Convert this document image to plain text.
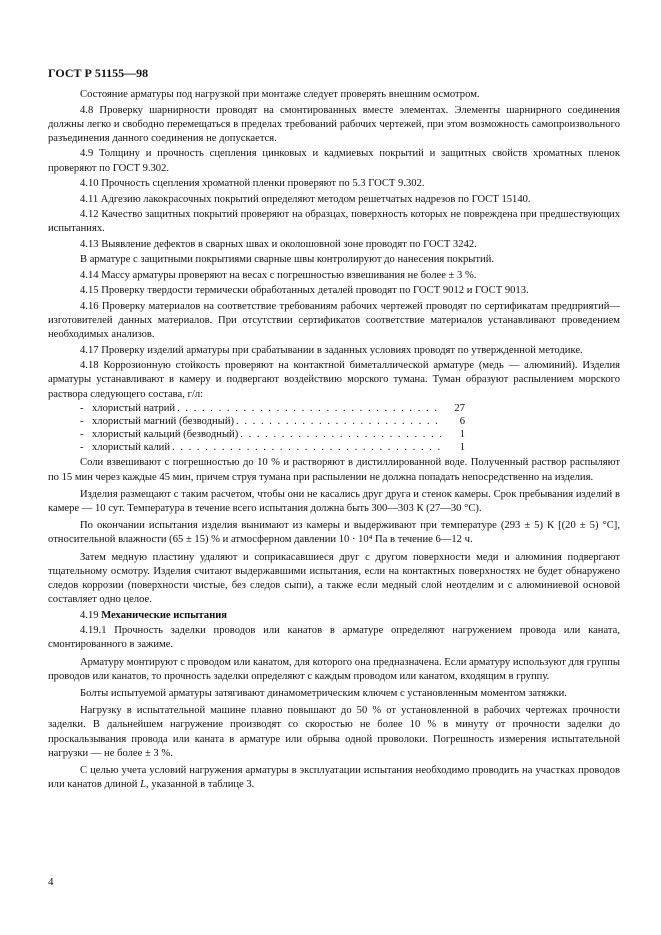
ГОСТ Р 51155—98

Состояние арматуры под нагрузкой при монтаже следует проверять внешним осмотром.

4.8 Проверку шарнирности проводят на смонтированных вместе элементах. Элементы шарнирного соединения должны легко и свободно перемещаться в пределах требований рабочих чертежей, при этом возможность самопроизвольного разъединения данного соединения не допускается.

4.9 Толщину и прочность сцепления цинковых и кадмиевых покрытий и защитных свойств хроматных пленок проверяют по ГОСТ 9.302.

4.10 Прочность сцепления хроматной пленки проверяют по 5.3 ГОСТ 9.302.

4.11 Адгезию лакокрасочных покрытий определяют методом решетчатых надрезов по ГОСТ 15140.

4.12 Качество защитных покрытий проверяют на образцах, поверхность которых не повреждена при предшествующих испытаниях.

4.13 Выявление дефектов в сварных швах и околошовной зоне проводят по ГОСТ 3242.

В арматуре с защитными покрытиями сварные швы контролируют до нанесения покрытий.

4.14 Массу арматуры проверяют на весах с погрешностью взвешивания не более ± 3 %.

4.15 Проверку твердости термически обработанных деталей проводят по ГОСТ 9012 и ГОСТ 9013.

4.16 Проверку материалов на соответствие требованиям рабочих чертежей проводят по сертификатам предприятий—изготовителей данных материалов. При отсутствии сертификатов соответствие материалов устанавливают проведением необходимых анализов.

4.17 Проверку изделий арматуры при срабатывании в заданных условиях проводят по утвержденной методике.

4.18 Коррозионную стойкость проверяют на контактной биметаллической арматуре (медь — алюминий). Изделия арматуры устанавливают в камеру и подвергают воздействию морского тумана. Туман образуют распылением морского раствора следующего состава, г/л:

- хлористый натрий . . .	27
- хлористый магний (безводный) . . .	6
- хлористый кальций (безводный) . . .	1
- хлористый калий . . .	1

Соли взвешивают с погрешностью до 10 % и растворяют в дистиллированной воде. Полученный раствор распыляют по 15 мин через каждые 45 мин, причем струя тумана при распылении не должна попадать непосредственно на изделия.

Изделия размещают с таким расчетом, чтобы они не касались друг друга и стенок камеры. Срок пребывания изделий в камере — 10 сут. Температура в течение всего испытания должна быть 300—303 К (27—30 °С).

По окончании испытания изделия вынимают из камеры и выдерживают при температуре (293 ± 5) К [(20 ± 5) °С], относительной влажности (65 ± 15) % и атмосферном давлении 10 · 10⁴ Па в течение 6—12 ч.

Затем медную пластину удаляют и соприкасавшиеся друг с другом поверхности меди и алюминия подвергают тщательному осмотру. Изделия считают выдержавшими испытания, если на контактных поверхностях не будет обнаружено следов коррозии (поверхности чистые, без следов сыпи), а также если медный слой неотделим и с алюминиевой основой составляет одно целое.

4.19 Механические испытания

4.19.1 Прочность заделки проводов или канатов в арматуре определяют нагружением провода или каната, смонтированного в зажиме.

Арматуру монтируют с проводом или канатом, для которого она предназначена. Если арматуру используют для группы проводов или канатов, то прочность заделки определяют с каждым проводом или канатом, входящим в группу.

Болты испытуемой арматуры затягивают динамометрическим ключем с установленным моментом затяжки.

Нагрузку в испытательной машине плавно повышают до 50 % от установленной в рабочих чертежах прочности заделки. В дальнейшем нагружение производят со скоростью не более 10 % в минуту от прочности заделки до проскальзывания провода или каната в арматуре или обрыва одной проволоки. Погрешность измерения испытательной нагрузки — не более ± 3 %.

С целью учета условий нагружения арматуры в эксплуатации испытания необходимо проводить на участках проводов или канатов длиной L, указанной в таблице 3.

4
